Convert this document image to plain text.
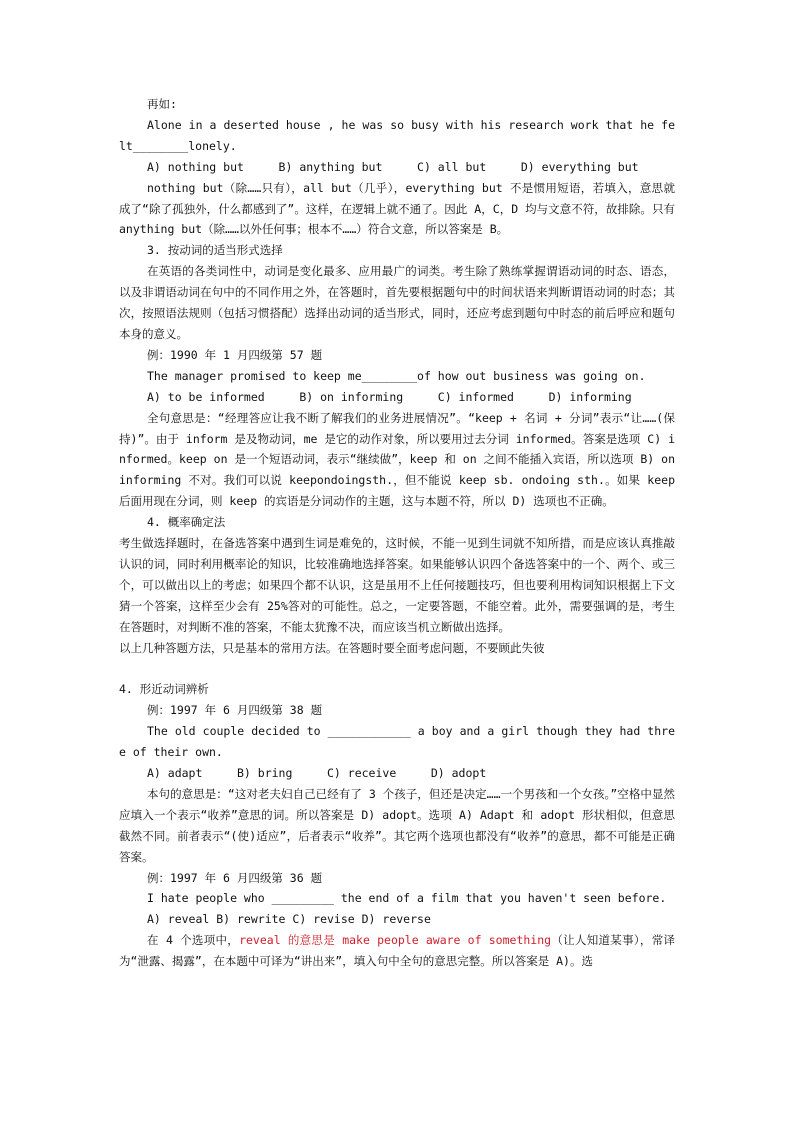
再如:

Alone in a deserted house , he was so busy with his research work that he felt________lonely.

A) nothing but     B) anything but     C) all but     D) everything but

nothing but（除……只有），all but（几乎），everything but 不是惯用短语，若填入，意思就成了“除了孤独外，什么都感到了”。这样，在逻辑上就不通了。因此 A，C，D 均与文意不符，故排除。只有 anything but（除……以外任何事；根本不……）符合文意，所以答案是 B。

3. 按动词的适当形式选择

在英语的各类词性中，动词是变化最多、应用最广的词类。考生除了熟练掌握谓语动词的时态、语态，以及非谓语动词在句中的不同作用之外，在答题时，首先要根据题句中的时间状语来判断谓语动词的时态；其次，按照语法规则（包括习惯搭配）选择出动词的适当形式，同时，还应考虑到题句中时态的前后呼应和题句本身的意义。

例：1990 年 1 月四级第 57 题

The manager promised to keep me________of how out business was going on.

A) to be informed     B) on informing     C) informed     D) informing

全句意思是：“经理答应让我不断了解我们的业务进展情况”。“keep + 名词 + 分词”表示“让……(保持)”。由于 inform 是及物动词，me 是它的动作对象，所以要用过去分词 informed。答案是选项 C) informed。keep on 是一个短语动词，表示“继续做”，keep 和 on 之间不能插入宾语，所以选项 B) oninforming 不对。我们可以说 keepondoingsth.，但不能说 keep sb. ondoing sth.。如果 keep 后面用现在分词，则 keep 的宾语是分词动作的主题，这与本题不符，所以 D) 选项也不正确。

4. 概率确定法

考生做选择题时，在备选答案中遇到生词是难免的，这时候，不能一见到生词就不知所措，而是应该认真推敲认识的词，同时利用概率论的知识，比较准确地选择答案。如果能够认识四个备选答案中的一个、两个、或三个，可以做出以上的考虑；如果四个都不认识，这是虽用不上任何接题技巧，但也要利用构词知识根据上下文猜一个答案，这样至少会有 25%答对的可能性。总之，一定要答题，不能空着。此外，需要强调的是，考生在答题时，对判断不准的答案，不能太犹豫不决，而应该当机立断做出选择。

以上几种答题方法，只是基本的常用方法。在答题时要全面考虑问题，不要顾此失彼

4. 形近动词辨析

例：1997 年 6 月四级第 38 题

The old couple decided to ____________ a boy and a girl though they had three of their own.

A) adapt     B) bring     C) receive     D) adopt

本句的意思是：“这对老夫妇自己已经有了 3 个孩子，但还是决定……一个男孩和一个女孩。”空格中显然应填入一个表示“收养”意思的词。所以答案是 D) adopt。选项 A) Adapt 和 adopt 形状相似，但意思截然不同。前者表示“(使)适应”，后者表示“收养”。其它两个选项也都没有“收养”的意思，都不可能是正确答案。

例：1997 年 6 月四级第 36 题

I hate people who _________ the end of a film that you haven't seen before.

A) reveal B) rewrite C) revise D) reverse

在 4 个选项中，reveal 的意思是 make people aware of something（让人知道某事），常译为“泄露、揭露”，在本题中可译为“讲出来”，填入句中全句的意思完整。所以答案是 A)。选
